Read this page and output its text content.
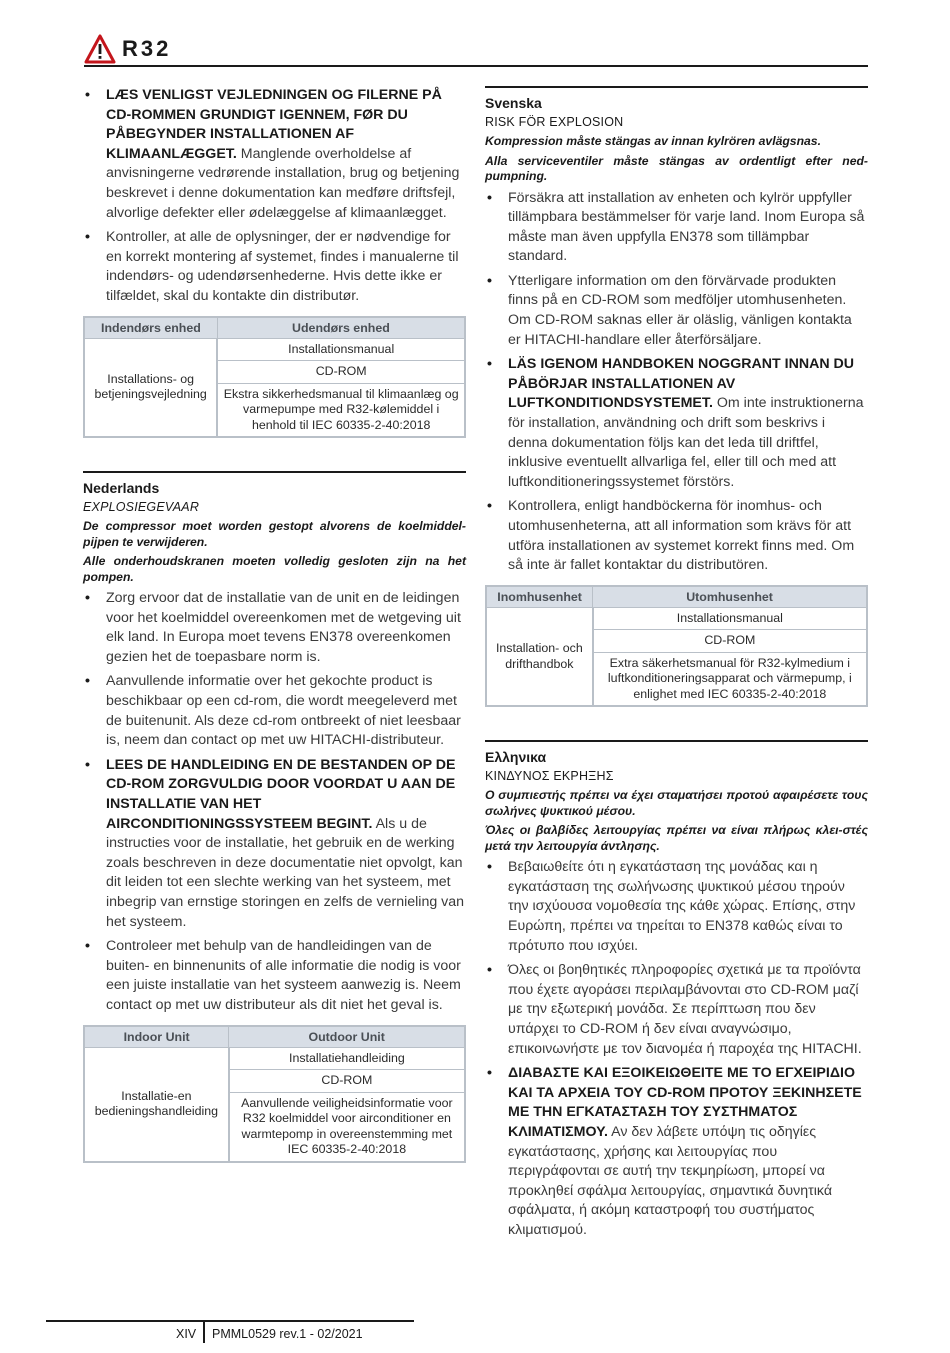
R32
• LÆS VENLIGST VEJLEDNINGEN OG FILERNE PÅ CD-ROMMEN GRUNDIGT IGENNEM, FØR DU PÅBEGYNDER INSTALLATIONEN AF KLIMAANLÆGGET. Manglende overholdelse af anvisningerne vedrørende installation, brug og betjening beskrevet i denne dokumentation kan medføre driftsfejl, alvorlige defekter eller ødelæggelse af klimaanlægget.
• Kontroller, at alle de oplysninger, der er nødvendige for en korrekt montering af systemet, findes i manualerne til indendørs- og udendørsenhederne. Hvis dette ikke er tilfældet, skal du kontakte din distributør.
Indendørs enhed	Udendørs enhed
Installations- og betjeningsvejledning	Installationsmanual
	CD-ROM
	Ekstra sikkerhedsmanual til klimaanlæg og varmepumpe med R32-kølemiddel i henhold til IEC 60335-2-40:2018
Nederlands
EXPLOSIEGEVAAR

De compressor moet worden gestopt alvorens de koelmiddel-pijpen te verwijderen.

Alle onderhoudskranen moeten volledig gesloten zijn na het pompen.

• Zorg ervoor dat de installatie van de unit en de leidingen voor het koelmiddel overeenkomen met de wetgeving uit elk land. In Europa moet tevens EN378 overeenkomen gezien het de toepasbare norm is.
• Aanvullende informatie over het gekochte product is beschikbaar op een cd-rom, die wordt meegeleverd met de buitenunit. Als deze cd-rom ontbreekt of niet leesbaar is, neem dan contact op met uw HITACHI-distributeur.
• LEES DE HANDLEIDING EN DE BESTANDEN OP DE CD-ROM ZORGVULDIG DOOR VOORDAT U AAN DE INSTALLATIE VAN HET AIRCONDITIONINGSSYSTEEM BEGINT. Als u de instructies voor de installatie, het gebruik en de werking zoals beschreven in deze documentatie niet opvolgt, kan dit leiden tot een slechte werking van het systeem, met inbegrip van ernstige storingen en zelfs de vernieling van het systeem.
• Controleer met behulp van de handleidingen van de buiten- en binnenunits of alle informatie die nodig is voor een juiste installatie van het systeem aanwezig is. Neem contact op met uw distributeur als dit niet het geval is.
Indoor Unit	Outdoor Unit
Installatie-en bedieningshandleiding	Installatiehandleiding
	CD-ROM
	Aanvullende veiligheidsinformatie voor R32 koelmiddel voor airconditioner en warmtepomp in overeenstemming met IEC 60335-2-40:2018
Svenska
RISK FÖR EXPLOSION

Kompression måste stängas av innan kylrören avlägsnas.

Alla serviceventiler måste stängas av ordentligt efter ned-pumpning.

• Försäkra att installation av enheten och kylrör uppfyller tillämpbara bestämmelser för varje land. Inom Europa så måste man även uppfylla EN378 som tillämpbar standard.
• Ytterligare information om den förvärvade produkten finns på en CD-ROM som medföljer utomhusenheten. Om CD-ROM saknas eller är oläslig, vänligen kontakta er HITACHI-handlare eller återförsäljare.
• LÄS IGENOM HANDBOKEN NOGGRANT INNAN DU PÅBÖRJAR INSTALLATIONEN AV LUFTKONDITIONDSYSTEMET. Om inte instruktionerna för installation, användning och drift som beskrivs i denna dokumentation följs kan det leda till driftfel, inklusive eventuellt allvarliga fel, eller till och med att luftkonditioneringssystemet förstörs.
• Kontrollera, enligt handböckerna för inomhus- och utomhusenheterna, att all information som krävs för att utföra installationen av systemet korrekt finns med. Om så inte är fallet kontaktar du distributören.
Inomhusenhet	Utomhusenhet
Installation- och drifthandbok	Installationsmanual
	CD-ROM
	Extra säkerhetsmanual för R32-kylmedium i luftkonditioneringsapparat och värmepump, i enlighet med IEC 60335-2-40:2018
Ελληνικα
ΚΙΝΔΥΝΟΣ ΕΚΡΗΞΗΣ

Ο συμπιεστής πρέπει να έχει σταματήσει προτού αφαιρέσετε τους σωλήνες ψυκτικού μέσου.

Όλες οι βαλβίδες λειτουργίας πρέπει να είναι πλήρως κλει-στές μετά την λειτουργία άντλησης.

• Βεβαιωθείτε ότι η εγκατάσταση της μονάδας και η εγκατάσταση της σωλήνωσης ψυκτικού μέσου τηρούν την ισχύουσα νομοθεσία της κάθε χώρας. Επίσης, στην Ευρώπη, πρέπει να τηρείται το EN378 καθώς είναι το πρότυπο που ισχύει.
• Όλες οι βοηθητικές πληροφορίες σχετικά με τα προϊόντα που έχετε αγοράσει περιλαμβάνονται στο CD-ROM μαζί με την εξωτερική μονάδα. Σε περίπτωση που δεν υπάρχει το CD-ROM ή δεν είναι αναγνώσιμο, επικοινωνήστε με τον διανομέα ή παροχέα της HITACHI.
• ΔΙΑΒΑΣΤΕ ΚΑΙ ΕΞΟΙΚΕΙΩΘΕΙΤΕ ΜΕ ΤΟ ΕΓΧΕΙΡΙΔΙΟ ΚΑΙ ΤΑ ΑΡΧΕΙΑ ΤΟΥ CD-ROM ΠΡΟΤΟΥ ΞΕΚΙΝΗΣΕΤΕ ΜΕ ΤΗΝ ΕΓΚΑΤΑΣΤΑΣΗ ΤΟΥ ΣΥΣΤΗΜΑΤΟΣ ΚΛΙΜΑΤΙΣΜΟΥ. Αν δεν λάβετε υπόψη τις οδηγίες εγκατάστασης, χρήσης και λειτουργίας που περιγράφονται σε αυτή την τεκμηρίωση, μπορεί να προκληθεί σφάλμα λειτουργίας, σημαντικά δυνητικά σφάλματα, ή ακόμη καταστροφή του συστήματος κλιματισμού.
XIV PMML0529 rev.1 - 02/2021
